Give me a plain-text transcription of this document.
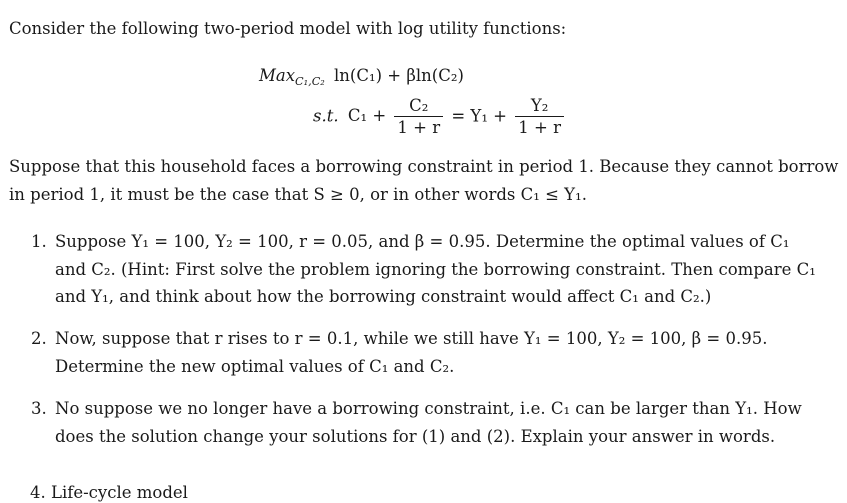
Consider the following two-period model with log utility functions:
Max$_{C_1,C_2}$ ln(C₁) + βln(C₂)
s.t. $C_1 + \frac{\text{C₂}}{1 + r} = Y_1 + \frac{\text{Y₂}}{1 + r}$
Suppose that this household faces a borrowing constraint in period 1. Because they cannot borrow
in period 1, it must be the case that S ≥ 0, or in other words C₁ ≤ Y₁.
1. Suppose Y₁ = 100, Y₂ = 100, r = 0.05, and β = 0.95. Determine the optimal values of C₁
and C₂. (Hint: First solve the problem ignoring the borrowing constraint. Then compare C₁
and Y₁, and think about how the borrowing constraint would affect C₁ and C₂.)
2. Now, suppose that r rises to r = 0.1, while we still have Y₁ = 100, Y₂ = 100, β = 0.95.
Determine the new optimal values of C₁ and C₂.
3. No suppose we no longer have a borrowing constraint, i.e. C₁ can be larger than Y₁. How
does the solution change your solutions for (1) and (2). Explain your answer in words.
4. Life-cycle model
